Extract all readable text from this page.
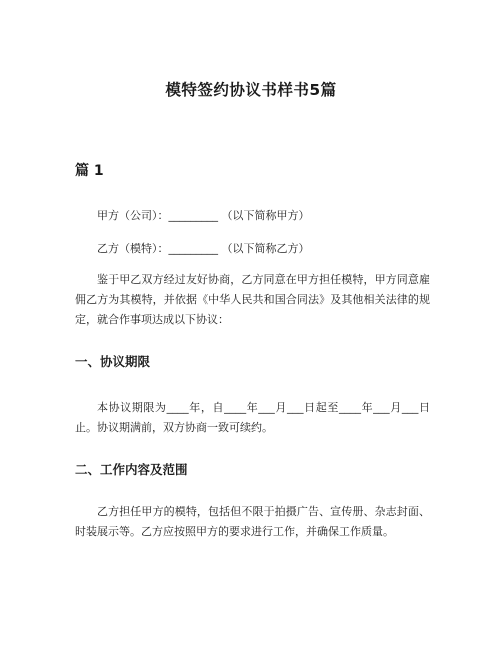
模特签约协议书样书5篇
篇 1
甲方（公司）：_________ （以下简称甲方）
乙方（模特）：_________ （以下简称乙方）
鉴于甲乙双方经过友好协商，乙方同意在甲方担任模特，甲方同意雇佣乙方为其模特，并依据《中华人民共和国合同法》及其他相关法律的规定，就合作事项达成以下协议：
一、协议期限
本协议期限为____年，自____年___月___日起至____年___月___日止。协议期满前，双方协商一致可续约。
二、工作内容及范围
乙方担任甲方的模特，包括但不限于拍摄广告、宣传册、杂志封面、时装展示等。乙方应按照甲方的要求进行工作，并确保工作质量。
